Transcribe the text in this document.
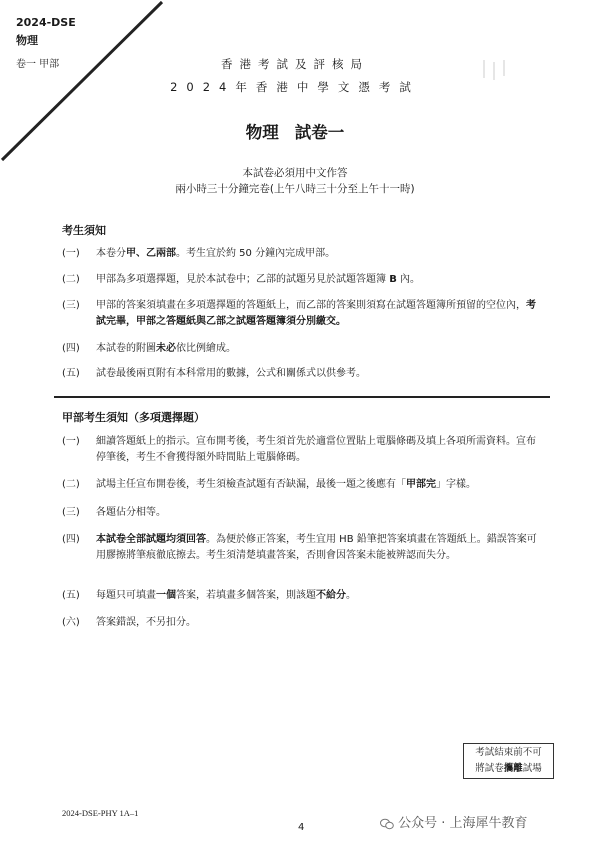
2024-DSE
物理
卷一 甲部	香港考試及評核局
2024年香港中學文憑考試
物理 試卷一
本試卷必須用中文作答
兩小時三十分鐘完卷(上午八時三十分至上午十一時)
考生須知
(一)	本卷分甲、乙兩部。考生宜於約 50 分鐘內完成甲部。
(二)	甲部為多項選擇題，見於本試卷中；乙部的試題另見於試題答題簿 B 內。
(三)	甲部的答案須填畫在多項選擇題的答題紙上，而乙部的答案則須寫在試題答題簿所預留的空位內，考試完畢，甲部之答題紙與乙部之試題答題簿須分別繳交。
(四)	本試卷的附圖未必依比例繪成。
(五)	試卷最後兩頁附有本科常用的數據，公式和關係式以供參考。
甲部考生須知（多項選擇題）
(一)	細讀答題紙上的指示。宣布開考後，考生須首先於適當位置貼上電腦條碼及填上各項所需資料。宣布停筆後，考生不會獲得額外時間貼上電腦條碼。
(二)	試場主任宣布開卷後，考生須檢查試題有否缺漏，最後一題之後應有「甲部完」字樣。
(三)	各題佔分相等。
(四)	本試卷全部試題均須回答。為便於修正答案，考生宜用 HB 鉛筆把答案填畫在答題紙上。錯誤答案可用膠擦將筆痕徹底擦去。考生須清楚填畫答案，否則會因答案未能被辨認而失分。
(五)	每題只可填畫一個答案，若填畫多個答案，則該題不給分。
(六)	答案錯誤，不另扣分。
考試結束前不可
將試卷攜離試場
2024-DSE-PHY 1A–1
4	公众号 · 上海犀牛教育
